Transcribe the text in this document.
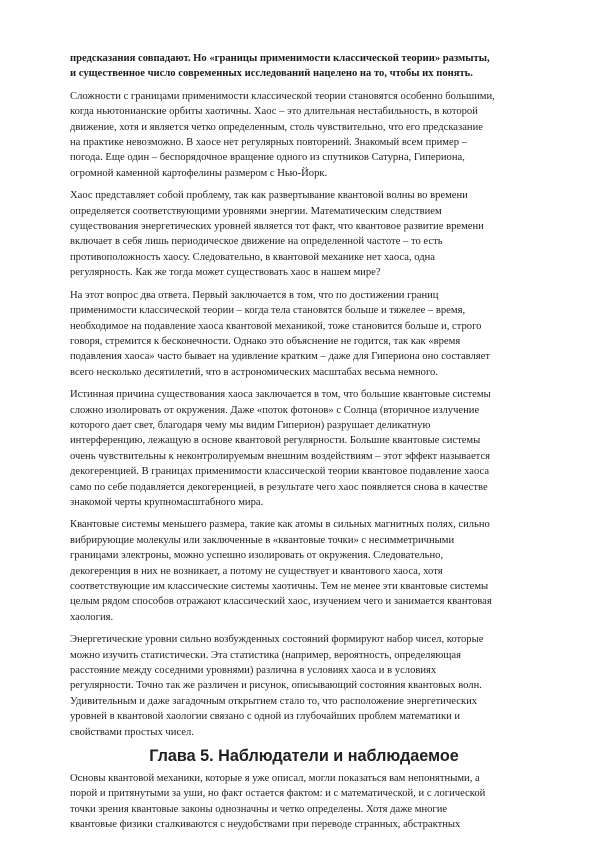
предсказания совпадают. Но «границы применимости классической теории» размыты,
и существенное число современных исследований нацелено на то, чтобы их понять.

Сложности с границами применимости классической теории становятся особенно большими,
когда ньютонианские орбиты хаотичны. Хаос – это длительная нестабильность, в которой
движение, хотя и является четко определенным, столь чувствительно, что его предсказание
на практике невозможно. В хаосе нет регулярных повторений. Знакомый всем пример –
погода. Еще один – беспорядочное вращение одного из спутников Сатурна, Гипериона,
огромной каменной картофелины размером с Нью-Йорк.

Хаос представляет собой проблему, так как развертывание квантовой волны во времени
определяется соответствующими уровнями энергии. Математическим следствием
существования энергетических уровней является тот факт, что квантовое развитие времени
включает в себя лишь периодическое движение на определенной частоте – то есть
противоположность хаосу. Следовательно, в квантовой механике нет хаоса, одна
регулярность. Как же тогда может существовать хаос в нашем мире?

На этот вопрос два ответа. Первый заключается в том, что по достижении границ
применимости классической теории – когда тела становятся больше и тяжелее – время,
необходимое на подавление хаоса квантовой механикой, тоже становится больше и, строго
говоря, стремится к бесконечности. Однако это объяснение не годится, так как «время
подавления хаоса» часто бывает на удивление кратким – даже для Гипериона оно составляет
всего несколько десятилетий, что в астрономических масштабах весьма немного.

Истинная причина существования хаоса заключается в том, что большие квантовые системы
сложно изолировать от окружения. Даже «поток фотонов» с Солнца (вторичное излучение
которого дает свет, благодаря чему мы видим Гиперион) разрушает деликатную
интерференцию, лежащую в основе квантовой регулярности. Большие квантовые системы
очень чувствительны к неконтролируемым внешним воздействиям – этот эффект называется
декогеренцией. В границах применимости классической теории квантовое подавление хаоса
само по себе подавляется декогеренцией, в результате чего хаос появляется снова в качестве
знакомой черты крупномасштабного мира.

Квантовые системы меньшего размера, такие как атомы в сильных магнитных полях, сильно
вибрирующие молекулы или заключенные в «квантовые точки» с несимметричными
границами электроны, можно успешно изолировать от окружения. Следовательно,
декогеренция в них не возникает, а потому не существует и квантового хаоса, хотя
соответствующие им классические системы хаотичны. Тем не менее эти квантовые системы
целым рядом способов отражают классический хаос, изучением чего и занимается квантовая
хаология.

Энергетические уровни сильно возбужденных состояний формируют набор чисел, которые
можно изучить статистически. Эта статистика (например, вероятность, определяющая
расстояние между соседними уровнями) различна в условиях хаоса и в условиях
регулярности. Точно так же различен и рисунок, описывающий состояния квантовых волн.
Удивительным и даже загадочным открытием стало то, что расположение энергетических
уровней в квантовой хаологии связано с одной из глубочайших проблем математики и
свойствами простых чисел.

Глава 5. Наблюдатели и наблюдаемое

Основы квантовой механики, которые я уже описал, могли показаться вам непонятными, а
порой и притянутыми за уши, но факт остается фактом: и с математической, и с логической
точки зрения квантовые законы однозначны и четко определены. Хотя даже многие
квантовые физики сталкиваются с неудобствами при переводе странных, абстрактных
